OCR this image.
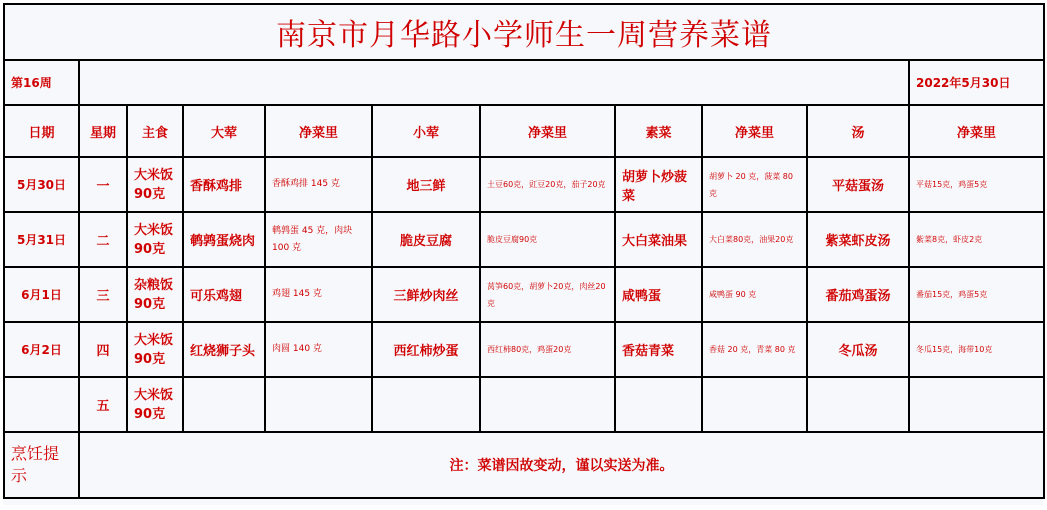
南京市月华路小学师生一周营养菜谱										
第16周										2022年5月30日
日期	星期	主食	大荤	净菜里	小荤	净菜里	素菜	净菜里	汤	净菜里
5月30日	一	大米饭 90克	香酥鸡排	香酥鸡排 145 克	地三鲜	土豆60克，豇豆20克，茄子20克	胡萝卜炒菠菜	胡萝卜 20 克，菠菜 80 克	平菇蛋汤	平菇15克，鸡蛋5克
5月31日	二	大米饭 90克	鹌鹑蛋烧肉	鹌鹑蛋 45 克，肉块 100 克	脆皮豆腐	脆皮豆腐90克	大白菜油果	大白菜80克，油果20克	紫菜虾皮汤	紫菜8克，虾皮2克
6月1日	三	杂粮饭 90克	可乐鸡翅	鸡翅 145 克	三鲜炒肉丝	莴笋60克，胡萝卜20克，肉丝20克	咸鸭蛋	咸鸭蛋 90 克	番茄鸡蛋汤	番茄15克，鸡蛋5克
6月2日	四	大米饭 90克	红烧狮子头	肉圆 140 克	西红柿炒蛋	西红柿80克，鸡蛋20克	香菇青菜	香菇 20 克，青菜 80 克	冬瓜汤	冬瓜15克，海带10克
	五	大米饭 90克								
烹饪提示	注：菜谱因故变动，谨以实送为准。									
